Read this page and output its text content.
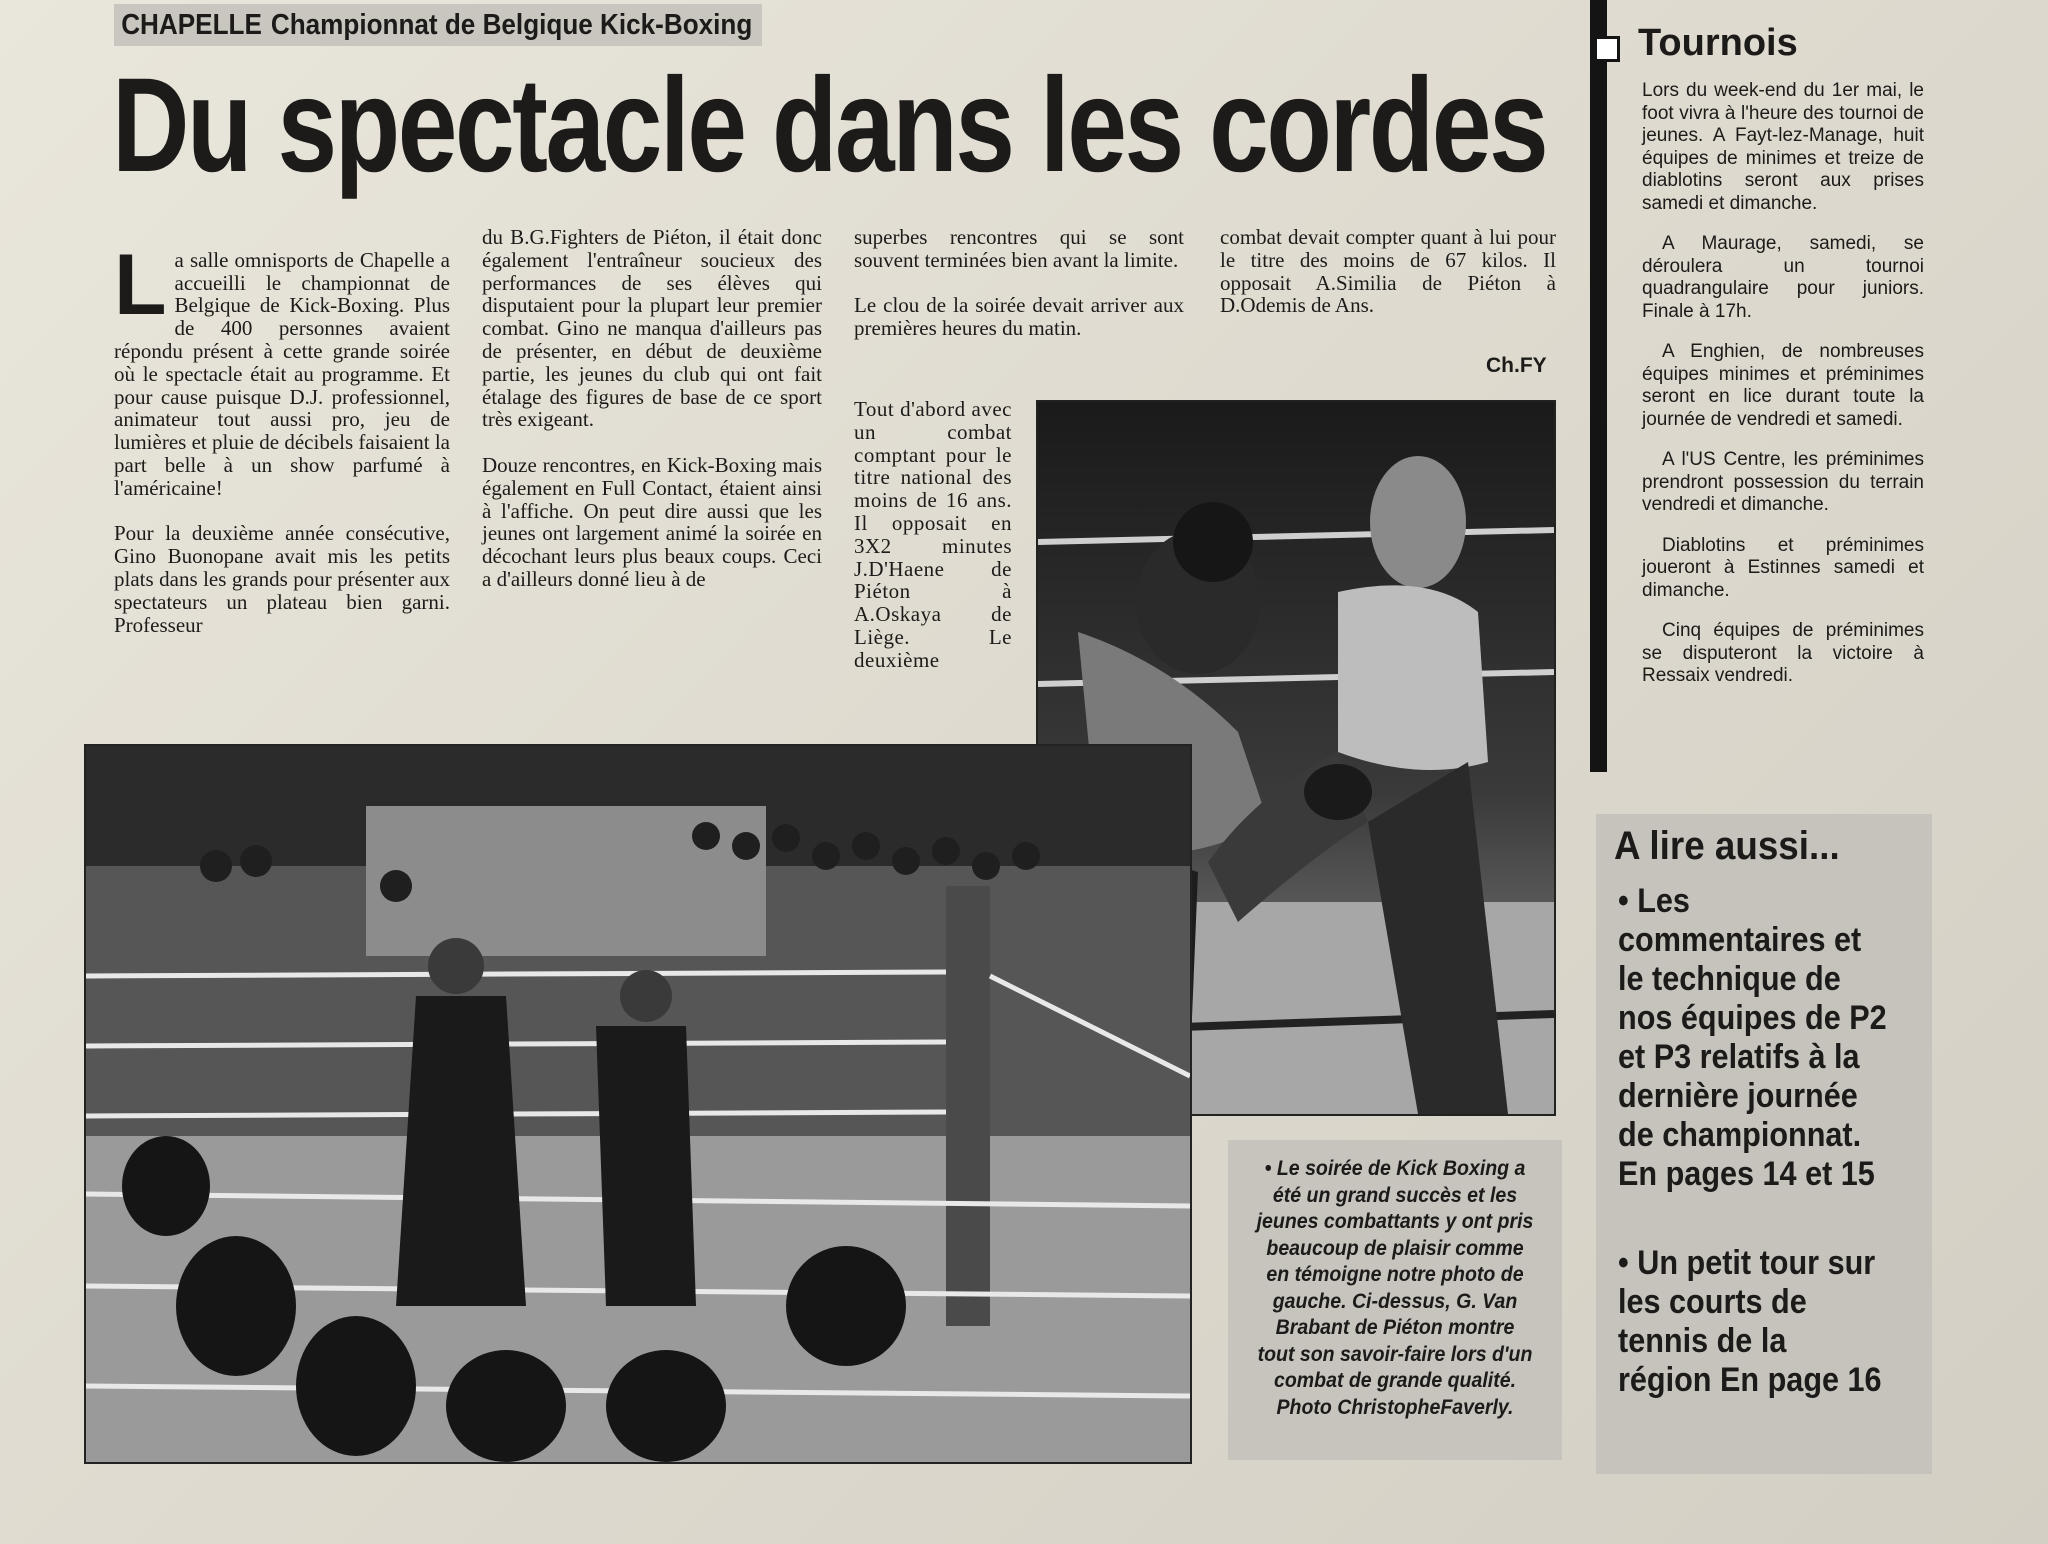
CHAPELLE Championnat de Belgique Kick-Boxing
Du spectacle dans les cordes

La salle omnisports de Chapelle a accueilli le championnat de Belgique de Kick-Boxing. Plus de 400 personnes avaient répondu présent à cette grande soirée où le spectacle était au programme. Et pour cause puisque D.J. professionnel, animateur tout aussi pro, jeu de lumières et pluie de décibels faisaient la part belle à un show parfumé à l'américaine!

Pour la deuxième année consécutive, Gino Buonopane avait mis les petits plats dans les grands pour présenter aux spectateurs un plateau bien garni. Professeur

du B.G.Fighters de Piéton, il était donc également l'entraîneur soucieux des performances de ses élèves qui disputaient pour la plupart leur premier combat. Gino ne manqua d'ailleurs pas de présenter, en début de deuxième partie, les jeunes du club qui ont fait étalage des figures de base de ce sport très exigeant.

Douze rencontres, en Kick-Boxing mais également en Full Contact, étaient ainsi à l'affiche. On peut dire aussi que les jeunes ont largement animé la soirée en décochant leurs plus beaux coups. Ceci a d'ailleurs donné lieu à de
superbes rencontres qui se sont souvent terminées bien avant la limite.

Le clou de la soirée devait arriver aux premières heures du matin.
Tout d'abord avec un combat comptant pour le titre national des moins de 16 ans. Il opposait en 3X2 minutes J.D'Haene de Piéton à A.Oskaya de Liège. Le deuxième
combat devait compter quant à lui pour le titre des moins de 67 kilos. Il opposait A.Similia de Piéton à D.Odemis de Ans.
Ch.FY
• Le soirée de Kick Boxing a été un grand succès et les jeunes combattants y ont pris beaucoup de plaisir comme en témoigne notre photo de gauche. Ci-dessus, G. Van Brabant de Piéton montre tout son savoir-faire lors d'un combat de grande qualité. Photo ChristopheFaverly.
Tournois

Lors du week-end du 1er mai, le foot vivra à l'heure des tournoi de jeunes. A Fayt-lez-Manage, huit équipes de minimes et treize de diablotins seront aux prises samedi et dimanche.

A Maurage, samedi, se déroulera un tournoi quadrangulaire pour juniors. Finale à 17h.

A Enghien, de nombreuses équipes minimes et préminimes seront en lice durant toute la journée de vendredi et samedi.

A l'US Centre, les préminimes prendront possession du terrain vendredi et dimanche.

Diablotins et préminimes joueront à Estinnes samedi et dimanche.

Cinq équipes de préminimes se disputeront la victoire à Ressaix vendredi.

A lire aussi...
• Les commentaires et le technique de nos équipes de P2 et P3 relatifs à la dernière journée de championnat. En pages 14 et 15
• Un petit tour sur les courts de tennis de la région En page 16
